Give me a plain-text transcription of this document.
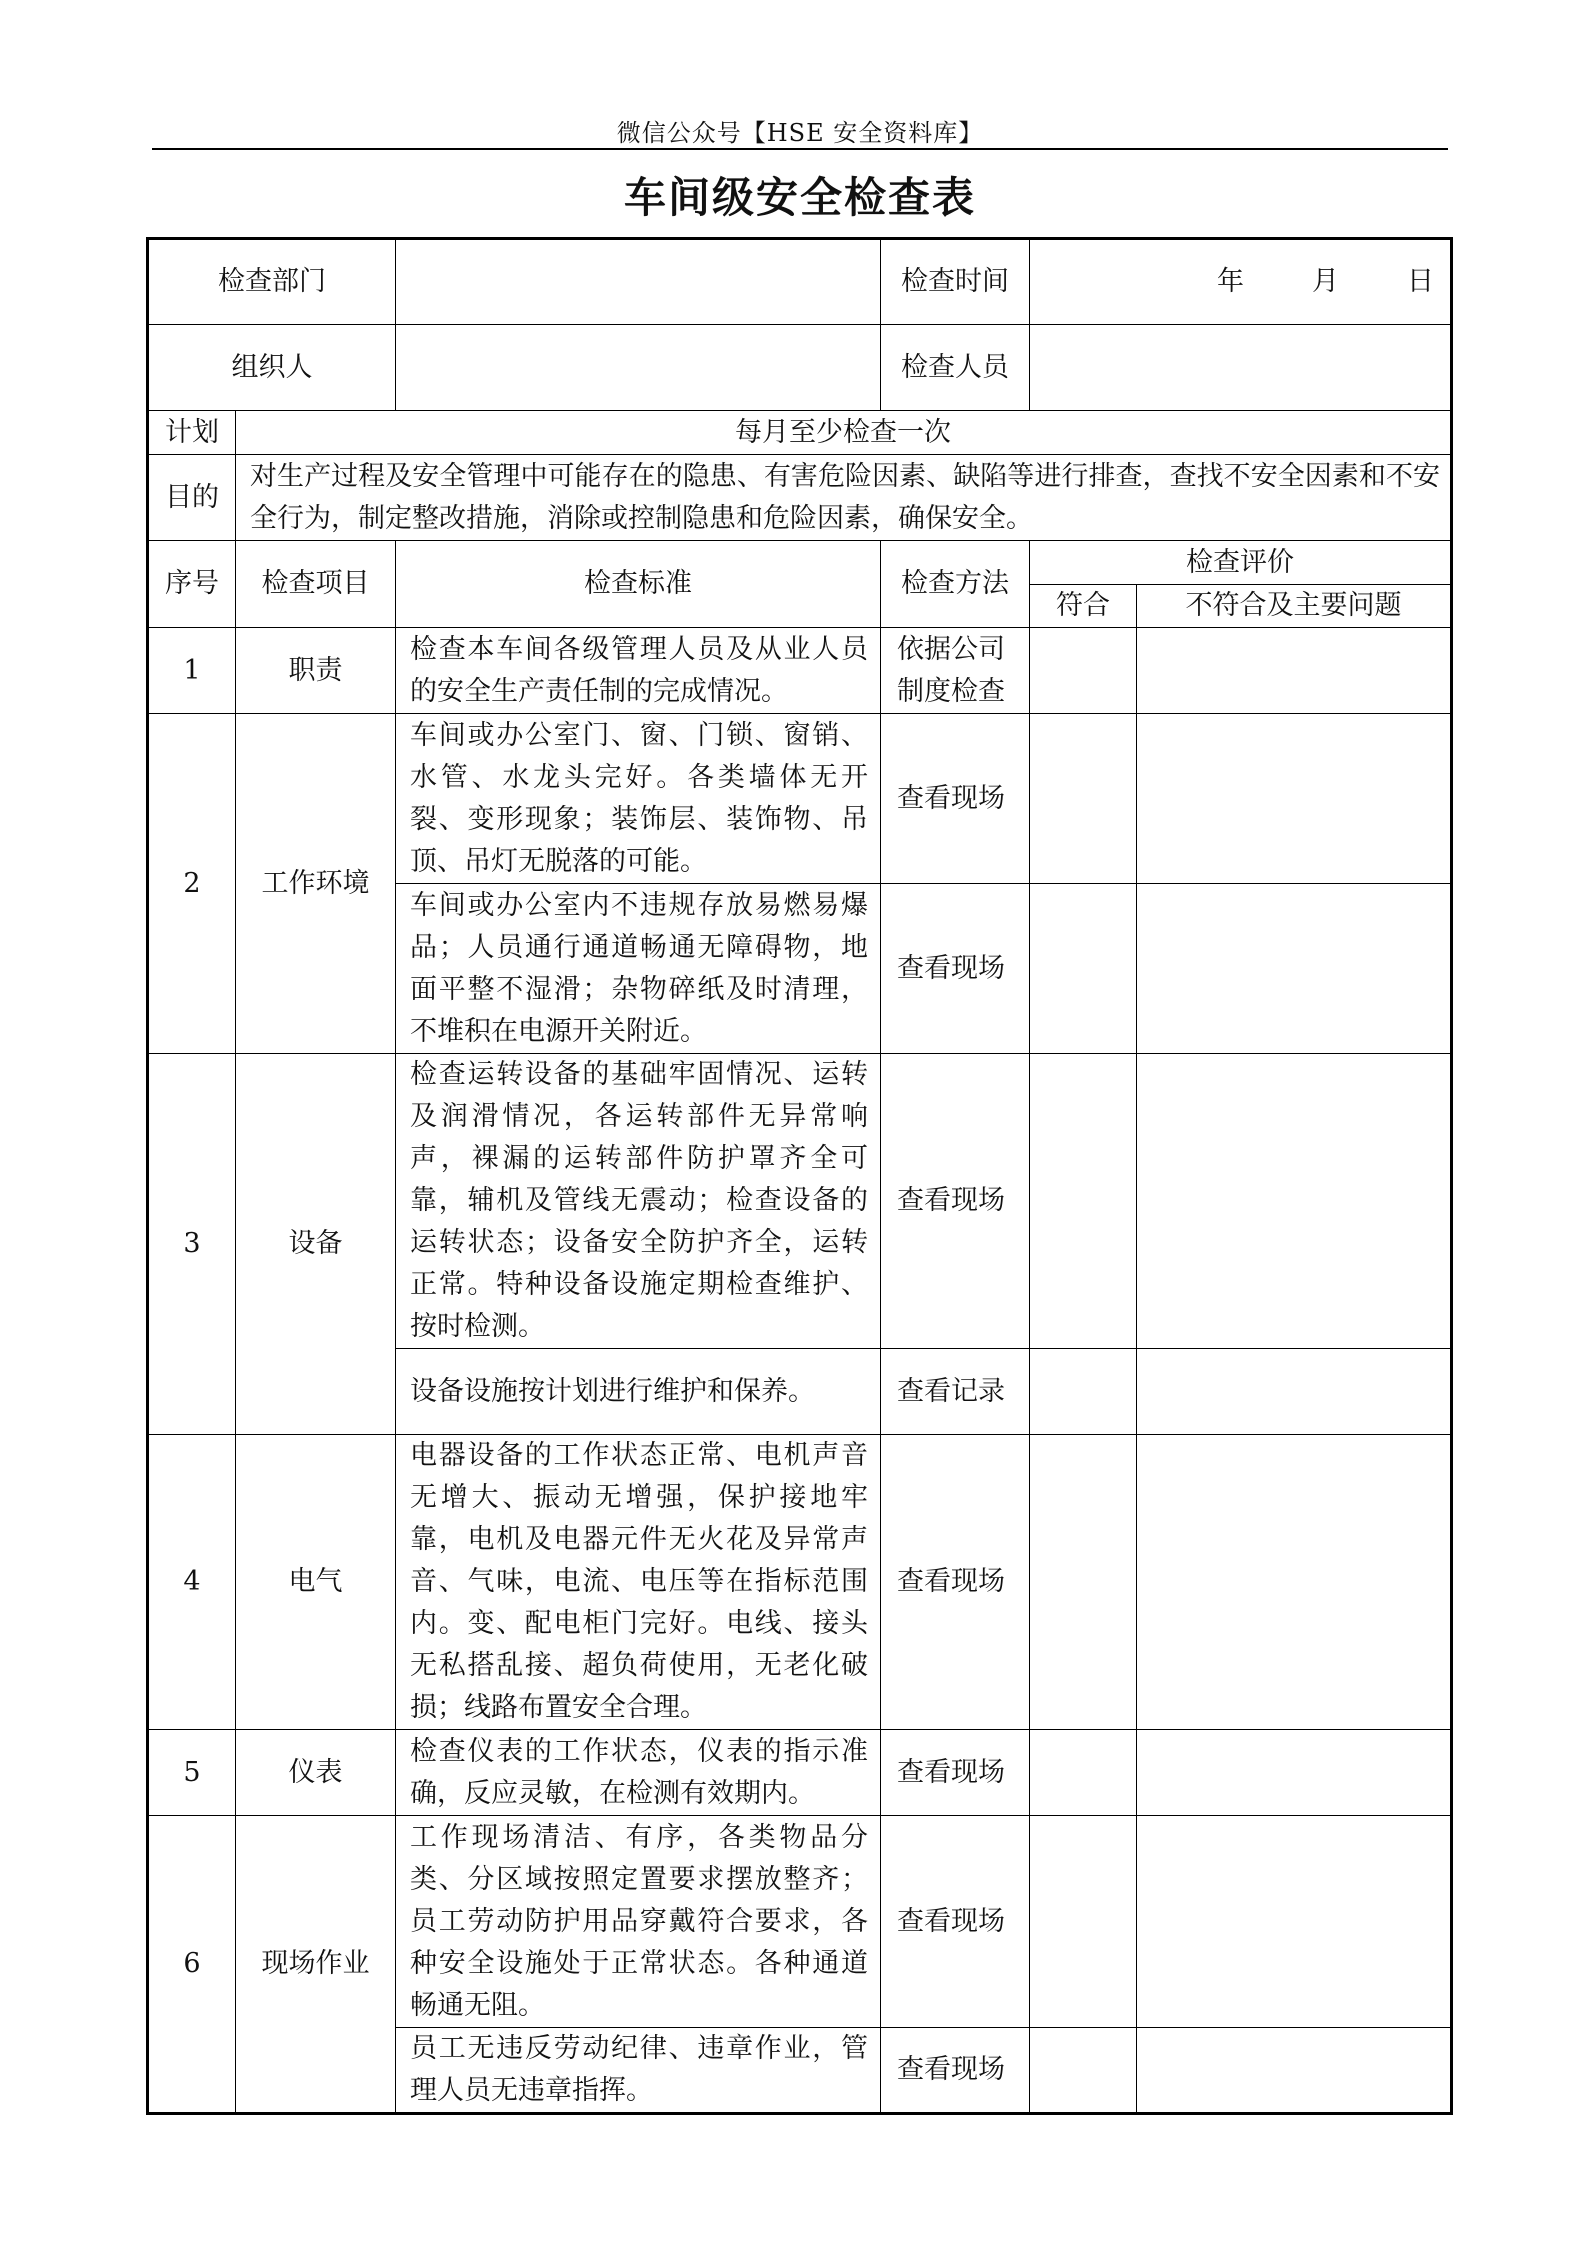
微信公众号【HSE 安全资料库】
车间级安全检查表
检查部门			检查时间	年 月 日	
组织人			检查人员		
计划	每月至少检查一次				
目的	对生产过程及安全管理中可能存在的隐患、有害危险因素、缺陷等进行排查，查找不安全因素和不安全行为，制定整改措施，消除或控制隐患和危险因素，确保安全。				
序号	检查项目	检查标准	检查方法	检查评价	
				符合	不符合及主要问题
1	职责	检查本车间各级管理人员及从业人员的安全生产责任制的完成情况。	依据公司制度检查		
2	工作环境	车间或办公室门、窗、门锁、窗销、水管、水龙头完好。各类墙体无开裂、变形现象；装饰层、装饰物、吊顶、吊灯无脱落的可能。	查看现场		
		车间或办公室内不违规存放易燃易爆品；人员通行通道畅通无障碍物，地面平整不湿滑；杂物碎纸及时清理，不堆积在电源开关附近。	查看现场		
3	设备	检查运转设备的基础牢固情况、运转及润滑情况，各运转部件无异常响声，裸漏的运转部件防护罩齐全可靠，辅机及管线无震动；检查设备的运转状态；设备安全防护齐全，运转正常。特种设备设施定期检查维护、按时检测。	查看现场		
		设备设施按计划进行维护和保养。	查看记录		
4	电气	电器设备的工作状态正常、电机声音无增大、振动无增强，保护接地牢靠，电机及电器元件无火花及异常声音、气味，电流、电压等在指标范围内。变、配电柜门完好。电线、接头无私搭乱接、超负荷使用，无老化破损；线路布置安全合理。	查看现场		
5	仪表	检查仪表的工作状态，仪表的指示准确，反应灵敏，在检测有效期内。	查看现场		
6	现场作业	工作现场清洁、有序，各类物品分类、分区域按照定置要求摆放整齐；员工劳动防护用品穿戴符合要求，各种安全设施处于正常状态。各种通道畅通无阻。	查看现场		
		员工无违反劳动纪律、违章作业，管理人员无违章指挥。	查看现场		
